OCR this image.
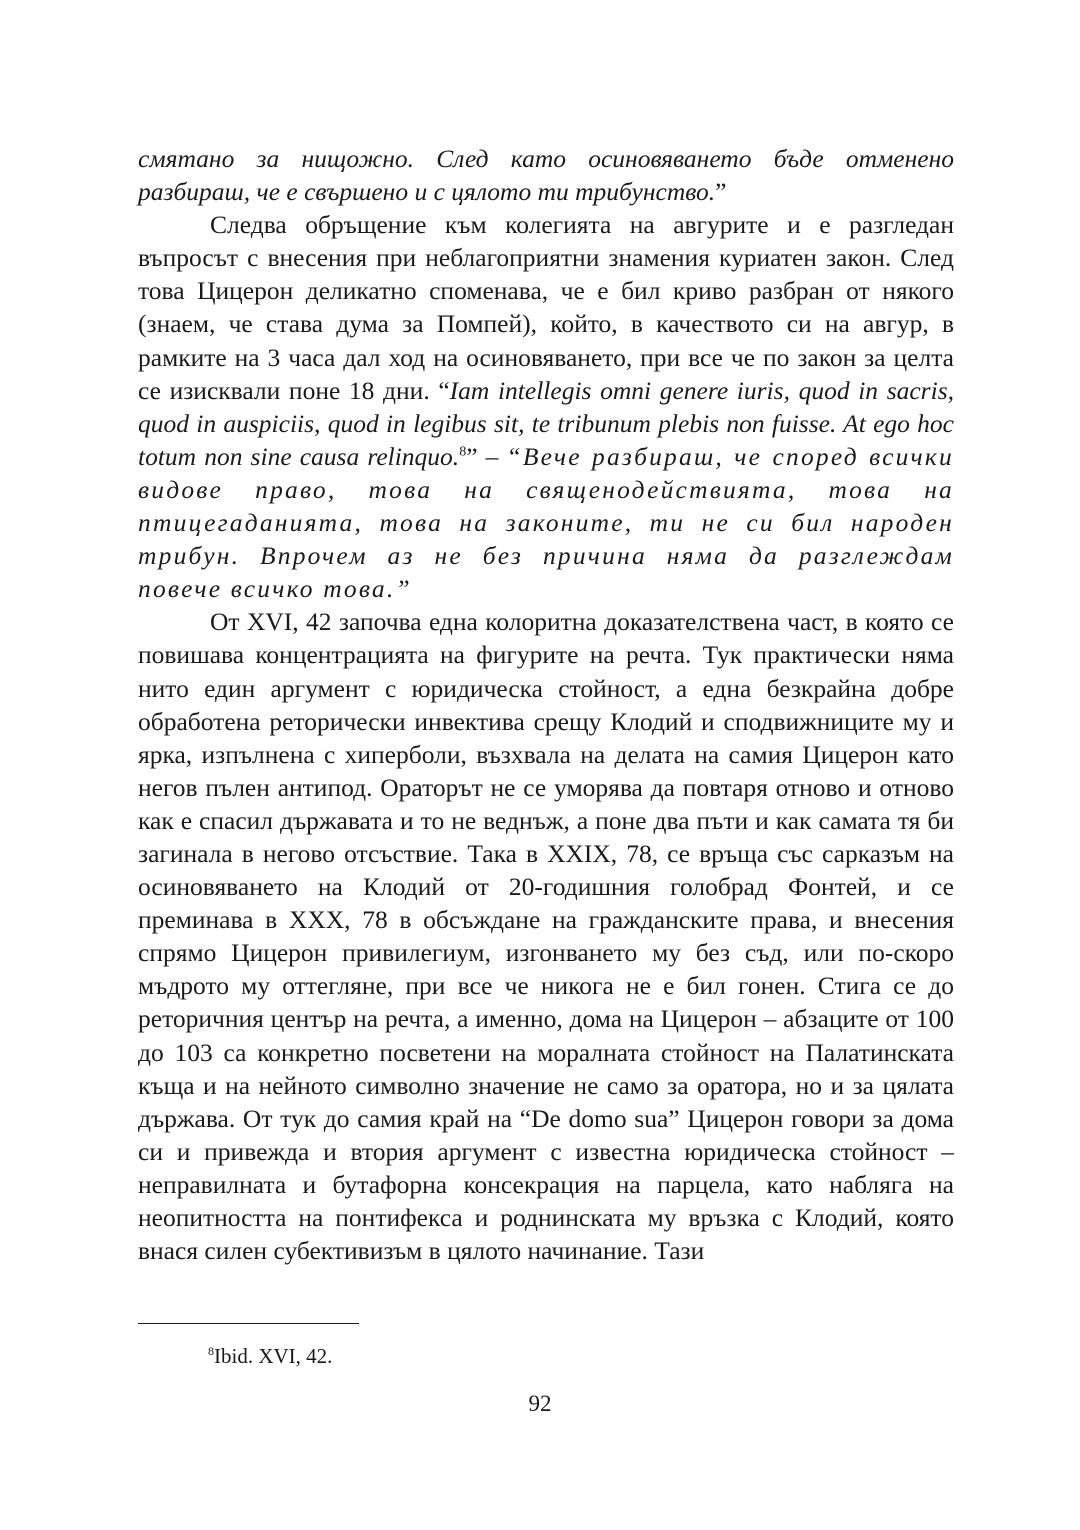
смятано за нищожно. След като осиновяването бъде отменено разбираш, че е свършено и с цялото ти трибунство.”

Следва обръщение към колегията на авгурите и е разгледан въпросът с внесения при неблагоприятни знамения куриатен закон. След това Цицерон деликатно споменава, че е бил криво разбран от някого (знаем, че става дума за Помпей), който, в качеството си на авгур, в рамките на 3 часа дал ход на осиновяването, при все че по закон за целта се изисквали поне 18 дни. “Iam intellegis omni genere iuris, quod in sacris, quod in auspiciis, quod in legibus sit, te tribunum plebis non fuisse. At ego hoc totum non sine causa relinquo.$^8$” – “Вече разбираш, че според всички видове право, това на священодействията, това на птицегаданията, това на законите, ти не си бил народен трибун. Впрочем аз не без причина няма да разглеждам повече всичко това.”

От XVI, 42 започва една колоритна доказателствена част, в която се повишава концентрацията на фигурите на речта. Тук практически няма нито един аргумент с юридическа стойност, а една безкрайна добре обработена реторически инвектива срещу Клодий и сподвижниците му и ярка, изпълнена с хиперболи, възхвала на делата на самия Цицерон като негов пълен антипод. Ораторът не се уморява да повтаря отново и отново как е спасил държавата и то не веднъж, а поне два пъти и как самата тя би загинала в негово отсъствие. Така в XXIX, 78, се връща със сарказъм на осиновяването на Клодий от 20-годишния голобрад Фонтей, и се преминава в XXX, 78 в обсъждане на гражданските права, и внесения спрямо Цицерон привилегиум, изгонването му без съд, или по-скоро мъдрото му оттегляне, при все че никога не е бил гонен. Стига се до реторичния център на речта, а именно, дома на Цицерон – абзаците от 100 до 103 са конкретно посветени на моралната стойност на Палатинската къща и на нейното символно значение не само за оратора, но и за цялата държава. От тук до самия край на “De domo sua” Цицерон говори за дома си и привежда и втория аргумент с известна юридическа стойност – неправилната и бутафорна консекрация на парцела, като набляга на неопитността на понтифекса и роднинската му връзка с Клодий, която внася силен субективизъм в цялото начинание. Тази

$^8$Ibid. XVI, 42.

92
